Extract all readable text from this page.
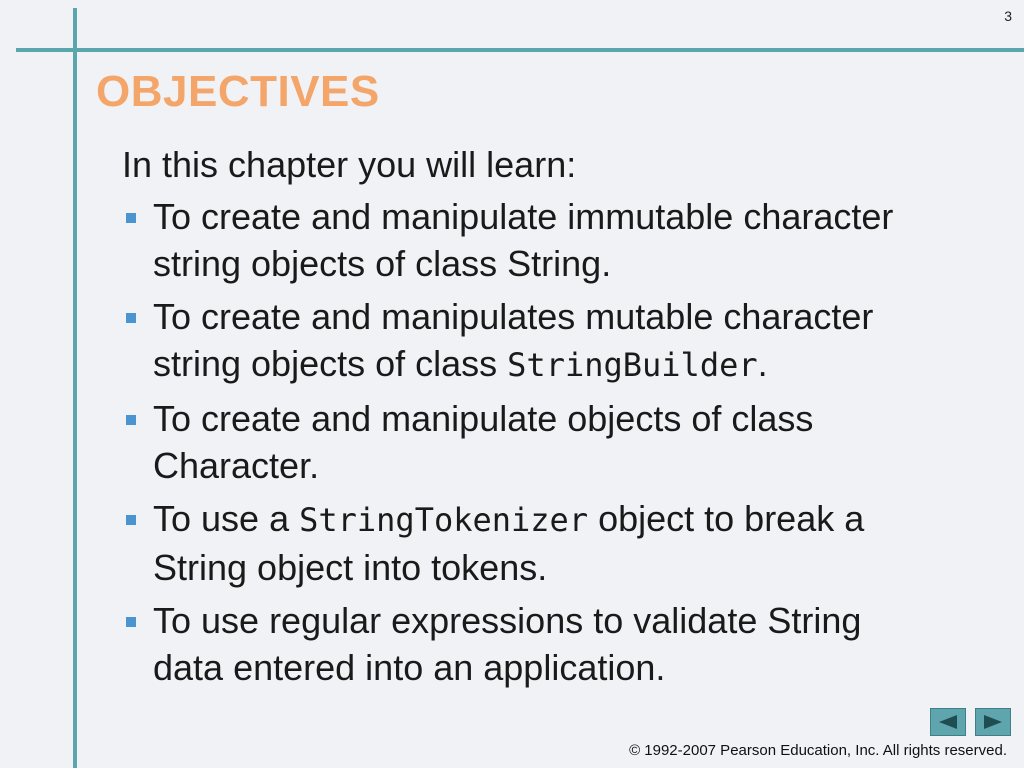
3
OBJECTIVES

In this chapter you will learn:

To create and manipulate immutable character string objects of class String.
To create and manipulates mutable character string objects of class StringBuilder.
To create and manipulate objects of class Character.
To use a StringTokenizer object to break a String object into tokens.
To use regular expressions to validate String data entered into an application.
© 1992-2007 Pearson Education, Inc. All rights reserved.
